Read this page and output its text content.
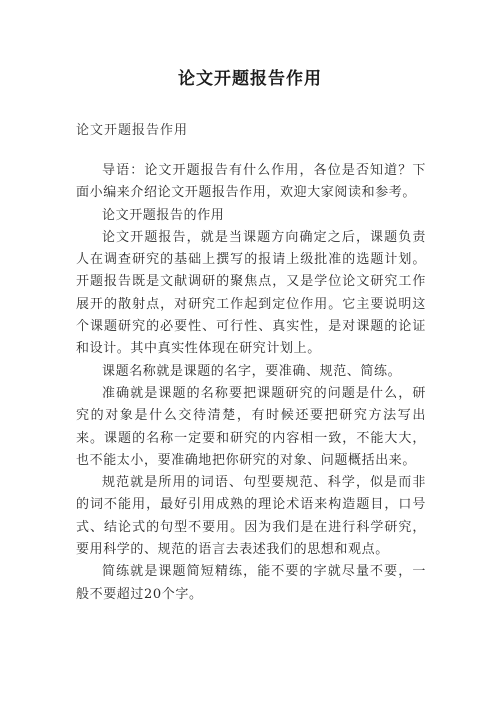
论文开题报告作用
论文开题报告作用

导语：论文开题报告有什么作用，各位是否知道？下面小编来介绍论文开题报告作用，欢迎大家阅读和参考。

论文开题报告的作用

论文开题报告，就是当课题方向确定之后，课题负责人在调查研究的基础上撰写的报请上级批准的选题计划。开题报告既是文献调研的聚焦点，又是学位论文研究工作展开的散射点，对研究工作起到定位作用。它主要说明这个课题研究的必要性、可行性、真实性，是对课题的论证和设计。其中真实性体现在研究计划上。

课题名称就是课题的名字，要准确、规范、简练。

准确就是课题的名称要把课题研究的问题是什么，研究的对象是什么交待清楚，有时候还要把研究方法写出来。课题的名称一定要和研究的内容相一致，不能大大，也不能太小，要准确地把你研究的对象、问题概括出来。

规范就是所用的词语、句型要规范、科学，似是而非的词不能用，最好引用成熟的理论术语来构造题目，口号式、结论式的句型不要用。因为我们是在进行科学研究，要用科学的、规范的语言去表述我们的思想和观点。

简练就是课题简短精练，能不要的字就尽量不要，一般不要超过20个字。
